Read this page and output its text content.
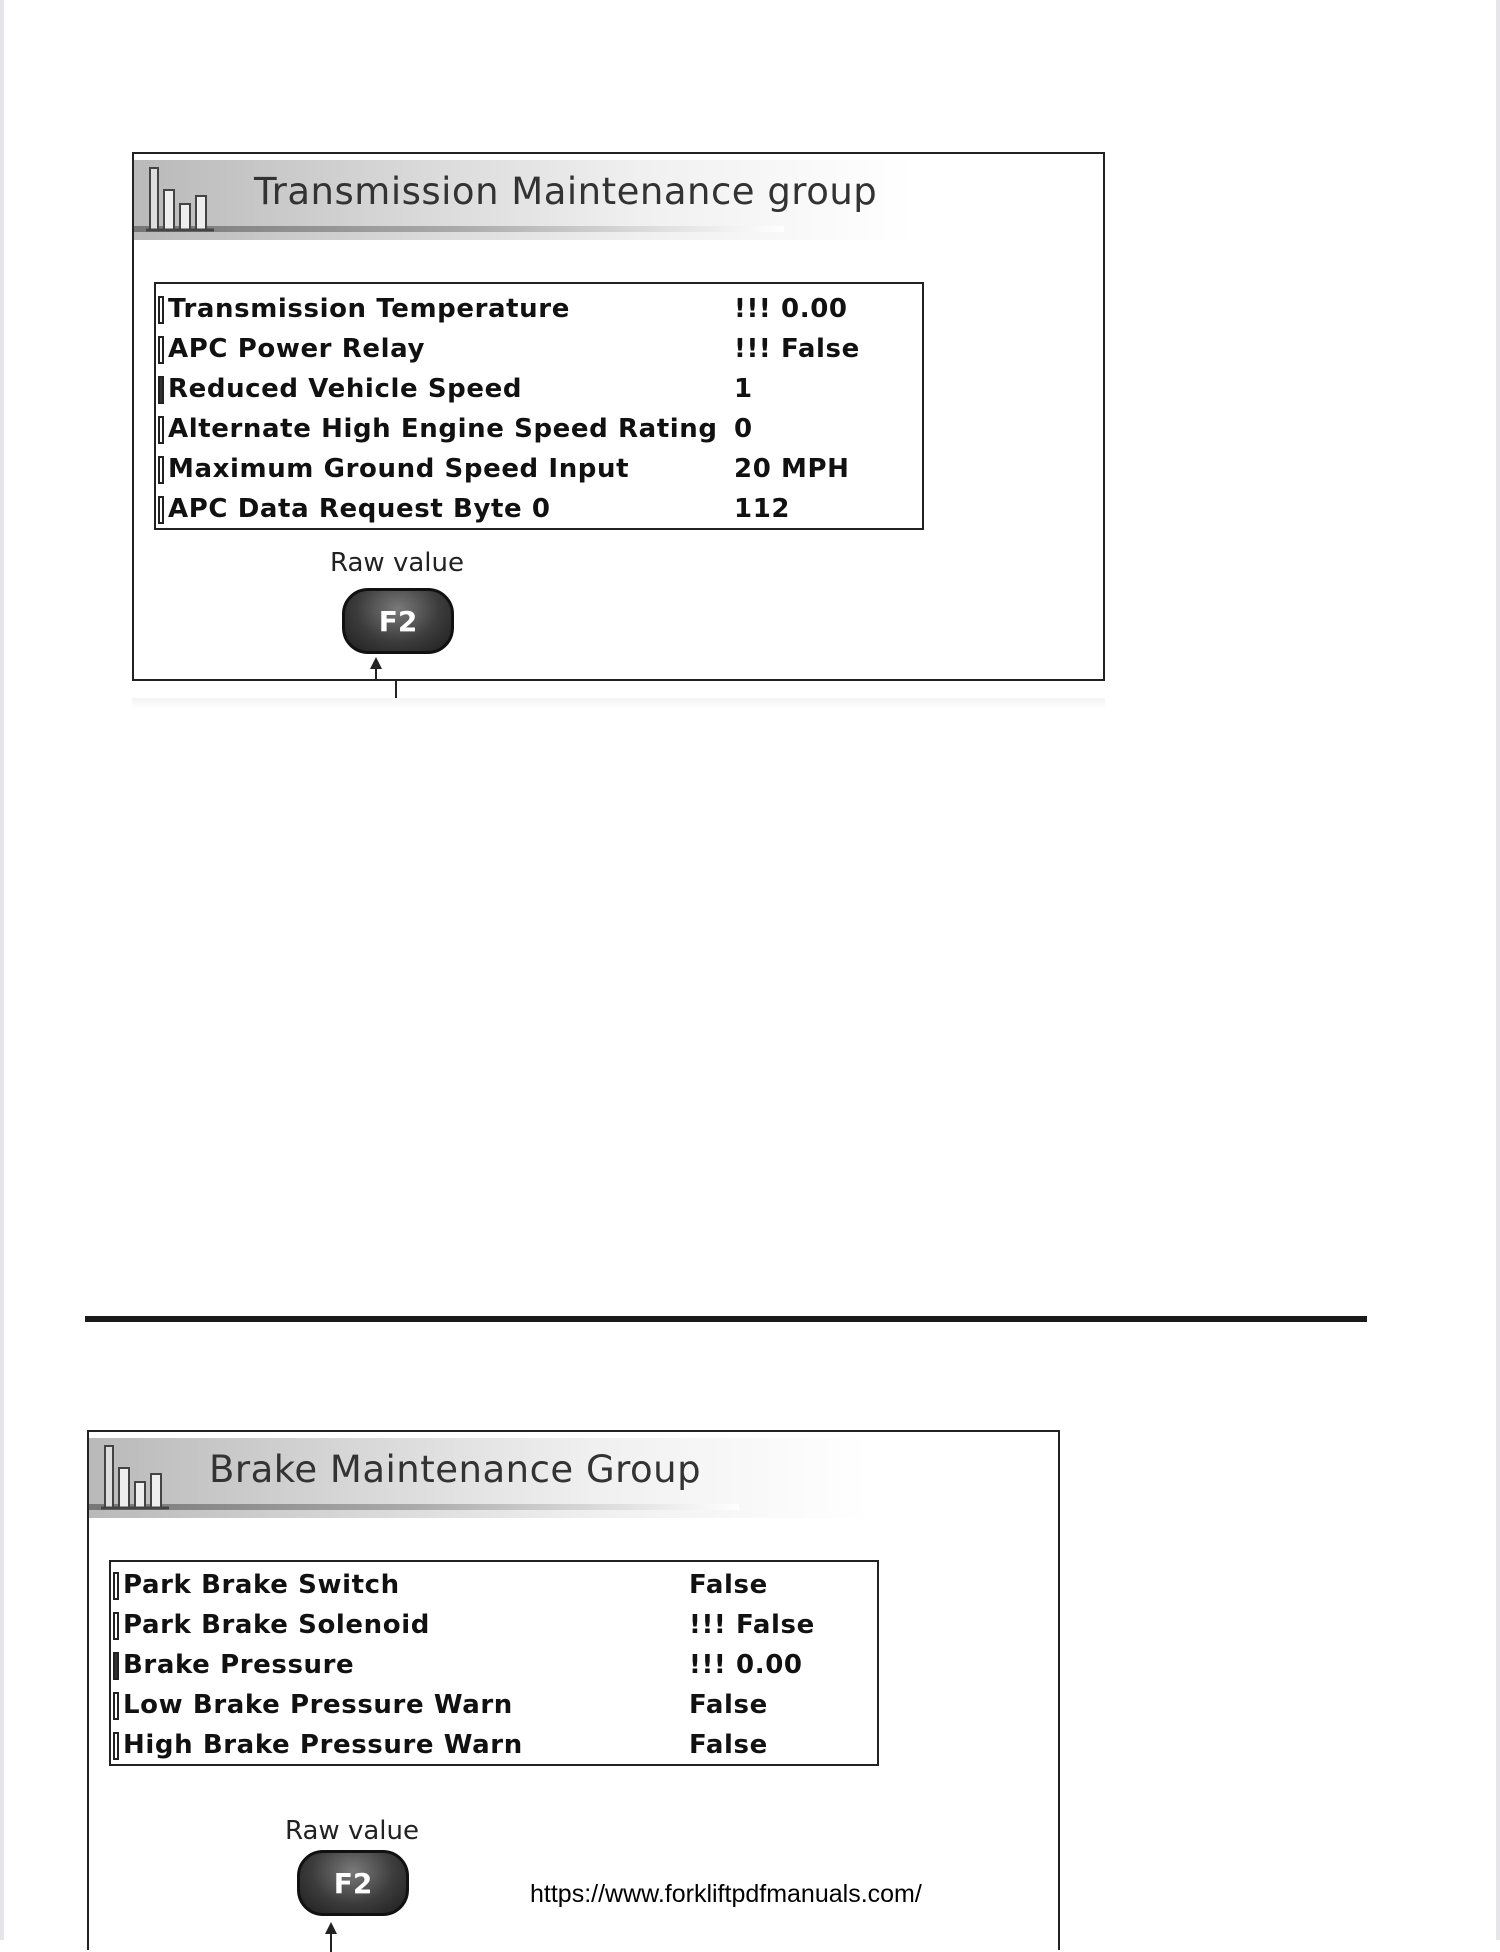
Transmission Maintenance group
Transmission Temperature	!!! 0.00
APC Power Relay	!!! False
Reduced Vehicle Speed	1
Alternate High Engine Speed Rating 0
Maximum Ground Speed Input	20 MPH
APC Data Request Byte 0	112
Raw value
F2
Brake Maintenance Group
Park Brake Switch	False
Park Brake Solenoid	!!! False
Brake Pressure	!!! 0.00
Low Brake Pressure Warn	False
High Brake Pressure Warn	False
Raw value
F2	https://www.forkliftpdfmanuals.com/
